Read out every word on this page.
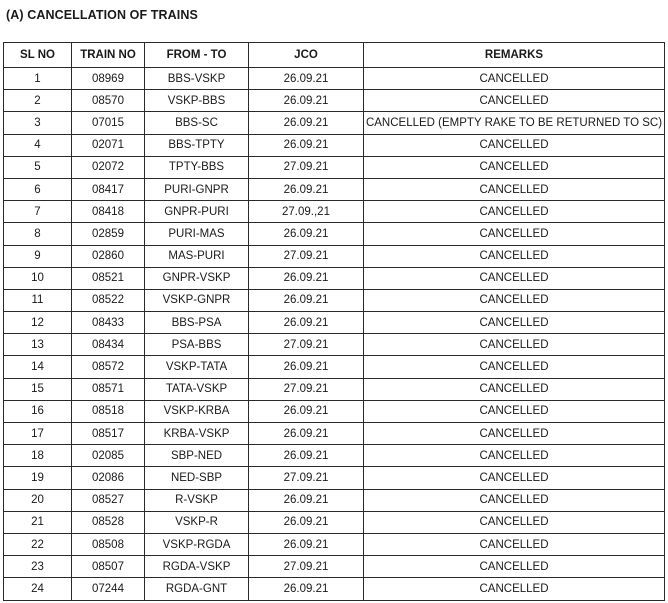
(A) CANCELLATION OF TRAINS
SL NO	TRAIN NO	FROM - TO	JCO	REMARKS
1	08969	BBS-VSKP	26.09.21	CANCELLED
2	08570	VSKP-BBS	26.09.21	CANCELLED
3	07015	BBS-SC	26.09.21	CANCELLED (EMPTY RAKE TO BE RETURNED TO SC)
4	02071	BBS-TPTY	26.09.21	CANCELLED
5	02072	TPTY-BBS	27.09.21	CANCELLED
6	08417	PURI-GNPR	26.09.21	CANCELLED
7	08418	GNPR-PURI	27.09.,21	CANCELLED
8	02859	PURI-MAS	26.09.21	CANCELLED
9	02860	MAS-PURI	27.09.21	CANCELLED
10	08521	GNPR-VSKP	26.09.21	CANCELLED
11	08522	VSKP-GNPR	26.09.21	CANCELLED
12	08433	BBS-PSA	26.09.21	CANCELLED
13	08434	PSA-BBS	27.09.21	CANCELLED
14	08572	VSKP-TATA	26.09.21	CANCELLED
15	08571	TATA-VSKP	27.09.21	CANCELLED
16	08518	VSKP-KRBA	26.09.21	CANCELLED
17	08517	KRBA-VSKP	26.09.21	CANCELLED
18	02085	SBP-NED	26.09.21	CANCELLED
19	02086	NED-SBP	27.09.21	CANCELLED
20	08527	R-VSKP	26.09.21	CANCELLED
21	08528	VSKP-R	26.09.21	CANCELLED
22	08508	VSKP-RGDA	26.09.21	CANCELLED
23	08507	RGDA-VSKP	27.09.21	CANCELLED
24	07244	RGDA-GNT	26.09.21	CANCELLED
